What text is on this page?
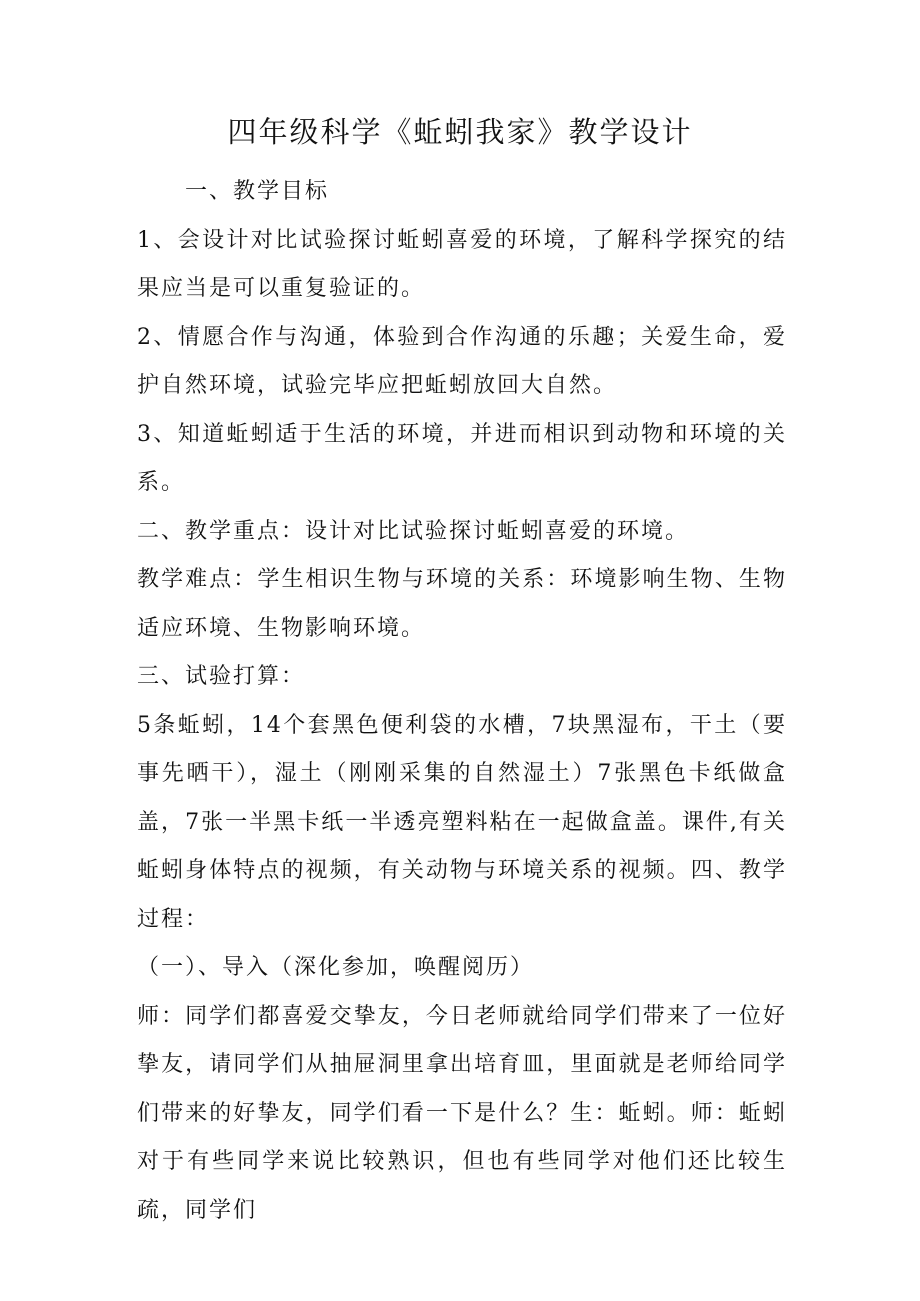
四年级科学《蚯蚓我家》教学设计

一、教学目标

1、会设计对比试验探讨蚯蚓喜爱的环境，了解科学探究的结果应当是可以重复验证的。

2、情愿合作与沟通，体验到合作沟通的乐趣；关爱生命，爱护自然环境，试验完毕应把蚯蚓放回大自然。

3、知道蚯蚓适于生活的环境，并进而相识到动物和环境的关系。

二、教学重点：设计对比试验探讨蚯蚓喜爱的环境。

教学难点：学生相识生物与环境的关系：环境影响生物、生物适应环境、生物影响环境。

三、试验打算：

5条蚯蚓，14个套黑色便利袋的水槽，7块黑湿布，干土（要事先晒干），湿土（刚刚采集的自然湿土）7张黑色卡纸做盒盖，7张一半黑卡纸一半透亮塑料粘在一起做盒盖。课件,有关蚯蚓身体特点的视频，有关动物与环境关系的视频。四、教学过程：

（一）、导入（深化参加，唤醒阅历）

师：同学们都喜爱交挚友，今日老师就给同学们带来了一位好挚友，请同学们从抽屉洞里拿出培育皿，里面就是老师给同学们带来的好挚友，同学们看一下是什么？生：蚯蚓。师：蚯蚓对于有些同学来说比较熟识，但也有些同学对他们还比较生疏，同学们
